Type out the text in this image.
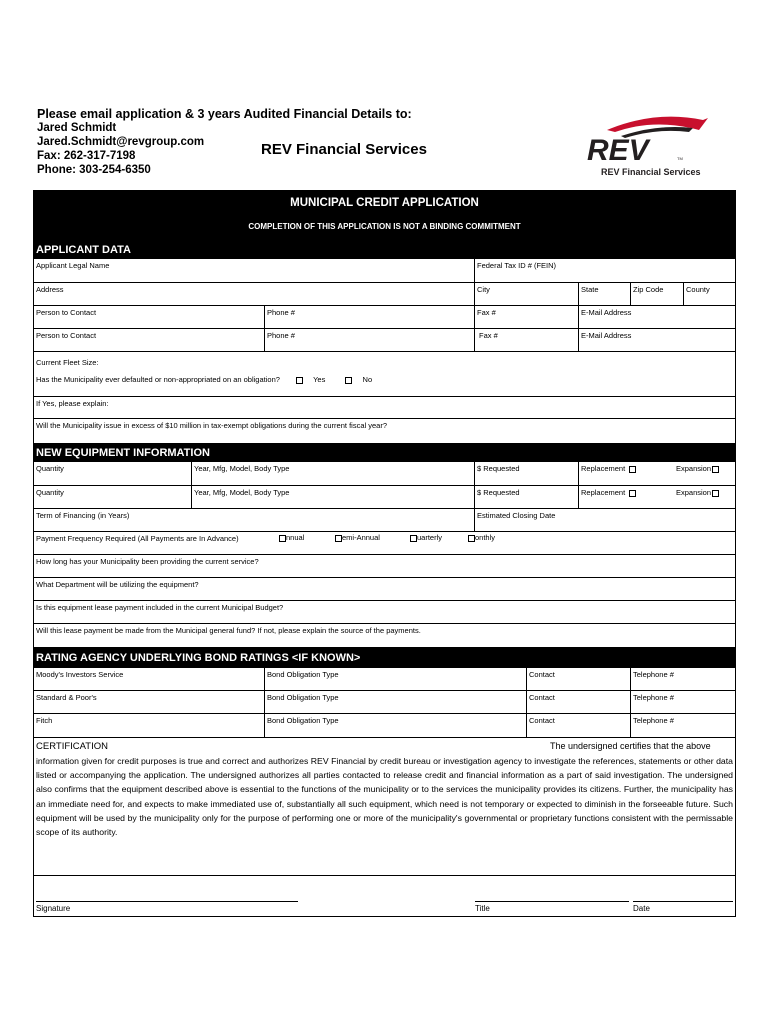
Please email application & 3 years Audited Financial Details to:
Jared Schmidt
Jared.Schmidt@revgroup.com
Fax: 262-317-7198
Phone: 303-254-6350
REV Financial Services	REV	TM
REV Financial Services
MUNICIPAL CREDIT APPLICATION
COMPLETION OF THIS APPLICATION IS NOT A BINDING COMMITMENT
APPLICANT DATA
Applicant Legal Name	Federal Tax ID # (FEIN)
Address	City	State	Zip Code	County
Person to Contact	Phone #	Fax #	E-Mail Address
Person to Contact	Phone #	Fax #	E-Mail Address
Current Fleet Size:
Has the Municipality ever defaulted or non-appropriated on an obligation?	Yes	No
If Yes, please explain:
Will the Municipality issue in excess of $10 million in tax-exempt obligations during the current fiscal year?
NEW EQUIPMENT INFORMATION
Quantity	Year, Mfg, Model, Body Type	$ Requested	Replacement	Expansion
Quantity	Year, Mfg, Model, Body Type	$ Requested	Replacement	Expansion
Term of Financing (in Years)	Estimated Closing Date
Payment Frequency Required (All Payments are In Advance)	nnual	emi-Annual	uarterly	onthly
How long has your Municipality been providing the current service?
What Department will be utilizing the equipment?
Is this equipment lease payment included in the current Municipal Budget?
Will this lease payment be made from the Municipal general fund? If not, please explain the source of the payments.
RATING AGENCY UNDERLYING BOND RATINGS <IF KNOWN>
Moody's Investors Service	Bond Obligation Type	Contact	Telephone #
Standard & Poor's	Bond Obligation Type	Contact	Telephone #
Fitch	Bond Obligation Type	Contact	Telephone #
CERTIFICATION	The undersigned certifies that the above
information given for credit purposes is true and correct and authorizes REV Financial by credit bureau or investigation agency to investigate the references, statements or other data listed or accompanying the application. The undersigned authorizes all parties contacted to release credit and financial information as a part of said investigation. The undersigned also confirms that the equipment described above is essential to the functions of the municipality or to the services the municipality provides its citizens. Further, the municipality has an immediate need for, and expects to make immediated use of, substantially all such equipment, which need is not temporary or expected to diminish in the forseeable future. Such equipment will be used by the municipality only for the purpose of performing one or more of the municipality's governmental or proprietary functions consistent with the permissable scope of its authority.
Signature	Title	Date
